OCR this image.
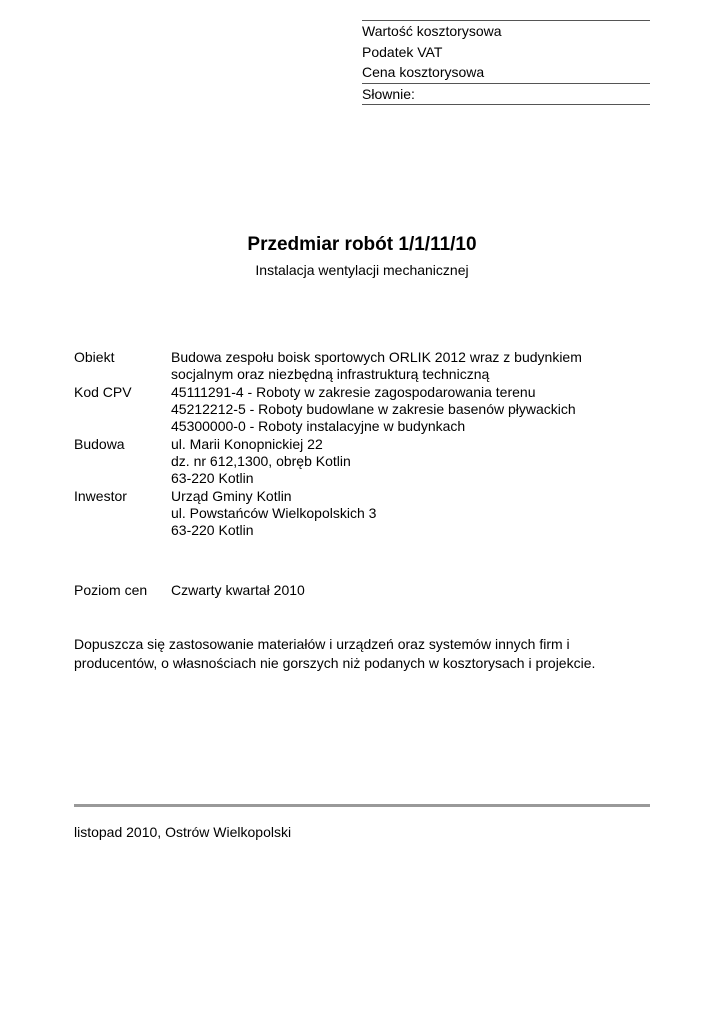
Wartość kosztorysowa
Podatek VAT
Cena kosztorysowa
Słownie:
Przedmiar robót 1/1/11/10
Instalacja wentylacji mechanicznej
Obiekt	Budowa zespołu boisk sportowych ORLIK 2012 wraz z budynkiem
socjalnym oraz niezbędną infrastrukturą techniczną
Kod CPV	45111291-4 - Roboty w zakresie zagospodarowania terenu
45212212-5 - Roboty budowlane w zakresie basenów pływackich
45300000-0 - Roboty instalacyjne w budynkach
Budowa	ul. Marii Konopnickiej 22
dz. nr 612,1300, obręb Kotlin
63-220 Kotlin
Inwestor	Urząd Gminy Kotlin
ul. Powstańców Wielkopolskich 3
63-220 Kotlin
Poziom cen	Czwarty kwartał 2010
Dopuszcza się zastosowanie materiałów i urządzeń oraz systemów innych firm i
producentów, o własnościach nie gorszych niż podanych w kosztorysach i projekcie.
listopad 2010, Ostrów Wielkopolski
